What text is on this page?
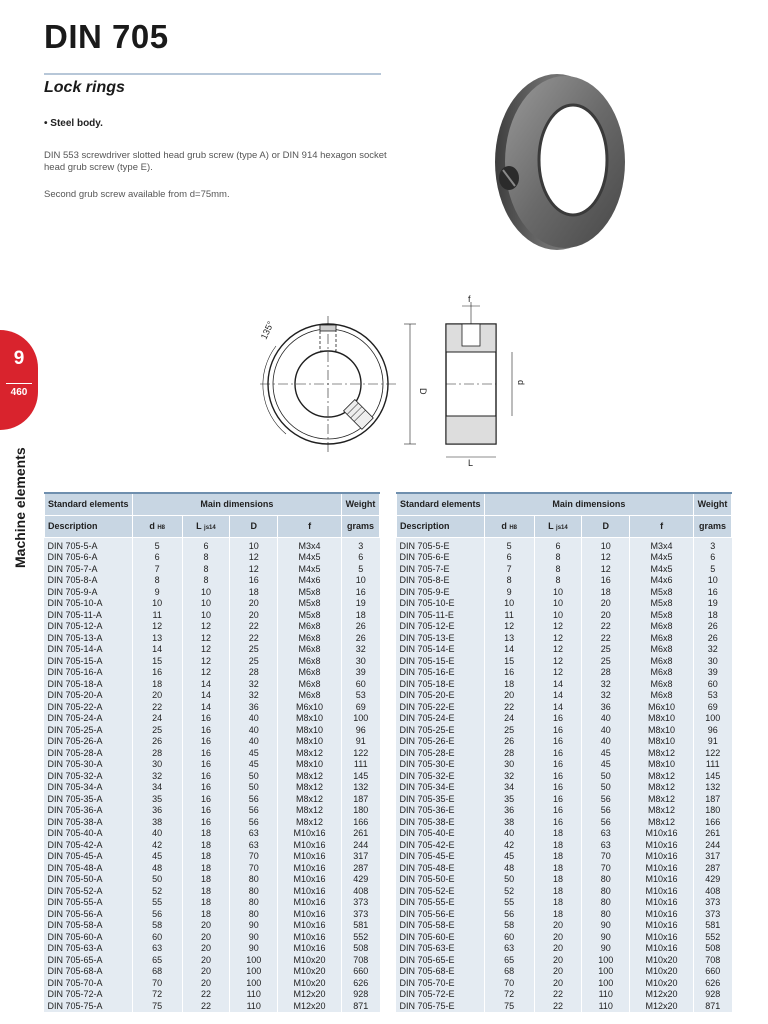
DIN 705
Lock rings
• Steel body.
DIN 553 screwdriver slotted head grub screw (type A) or DIN 914 hexagon socket head grub screw (type E).
Second grub screw available from d=75mm.
135°
D
f
d
L
9
460
Machine elements Standard elements	Main dimensions				Weight
Description	d H8	L js14	D	f	grams
DIN 705-5-A	5	6	10	M3x4	3
DIN 705-6-A	6	8	12	M4x5	6
DIN 705-7-A	7	8	12	M4x5	5
DIN 705-8-A	8	8	16	M4x6	10
DIN 705-9-A	9	10	18	M5x8	16
DIN 705-10-A	10	10	20	M5x8	19
DIN 705-11-A	11	10	20	M5x8	18
DIN 705-12-A	12	12	22	M6x8	26
DIN 705-13-A	13	12	22	M6x8	26
DIN 705-14-A	14	12	25	M6x8	32
DIN 705-15-A	15	12	25	M6x8	30
DIN 705-16-A	16	12	28	M6x8	39
DIN 705-18-A	18	14	32	M6x8	60
DIN 705-20-A	20	14	32	M6x8	53
DIN 705-22-A	22	14	36	M6x10	69
DIN 705-24-A	24	16	40	M8x10	100
DIN 705-25-A	25	16	40	M8x10	96
DIN 705-26-A	26	16	40	M8x10	91
DIN 705-28-A	28	16	45	M8x12	122
DIN 705-30-A	30	16	45	M8x10	111
DIN 705-32-A	32	16	50	M8x12	145
DIN 705-34-A	34	16	50	M8x12	132
DIN 705-35-A	35	16	56	M8x12	187
DIN 705-36-A	36	16	56	M8x12	180
DIN 705-38-A	38	16	56	M8x12	166
DIN 705-40-A	40	18	63	M10x16	261
DIN 705-42-A	42	18	63	M10x16	244
DIN 705-45-A	45	18	70	M10x16	317
DIN 705-48-A	48	18	70	M10x16	287
DIN 705-50-A	50	18	80	M10x16	429
DIN 705-52-A	52	18	80	M10x16	408
DIN 705-55-A	55	18	80	M10x16	373
DIN 705-56-A	56	18	80	M10x16	373
DIN 705-58-A	58	20	90	M10x16	581
DIN 705-60-A	60	20	90	M10x16	552
DIN 705-63-A	63	20	90	M10x16	508
DIN 705-65-A	65	20	100	M10x20	708
DIN 705-68-A	68	20	100	M10x20	660
DIN 705-70-A	70	20	100	M10x20	626
DIN 705-72-A	72	22	110	M12x20	928
DIN 705-75-A	75	22	110	M12x20	871
Standard elements	Main dimensions				Weight
Description	d H8	L js14	D	f	grams
DIN 705-5-E	5	6	10	M3x4	3
DIN 705-6-E	6	8	12	M4x5	6
DIN 705-7-E	7	8	12	M4x5	5
DIN 705-8-E	8	8	16	M4x6	10
DIN 705-9-E	9	10	18	M5x8	16
DIN 705-10-E	10	10	20	M5x8	19
DIN 705-11-E	11	10	20	M5x8	18
DIN 705-12-E	12	12	22	M6x8	26
DIN 705-13-E	13	12	22	M6x8	26
DIN 705-14-E	14	12	25	M6x8	32
DIN 705-15-E	15	12	25	M6x8	30
DIN 705-16-E	16	12	28	M6x8	39
DIN 705-18-E	18	14	32	M6x8	60
DIN 705-20-E	20	14	32	M6x8	53
DIN 705-22-E	22	14	36	M6x10	69
DIN 705-24-E	24	16	40	M8x10	100
DIN 705-25-E	25	16	40	M8x10	96
DIN 705-26-E	26	16	40	M8x10	91
DIN 705-28-E	28	16	45	M8x12	122
DIN 705-30-E	30	16	45	M8x10	111
DIN 705-32-E	32	16	50	M8x12	145
DIN 705-34-E	34	16	50	M8x12	132
DIN 705-35-E	35	16	56	M8x12	187
DIN 705-36-E	36	16	56	M8x12	180
DIN 705-38-E	38	16	56	M8x12	166
DIN 705-40-E	40	18	63	M10x16	261
DIN 705-42-E	42	18	63	M10x16	244
DIN 705-45-E	45	18	70	M10x16	317
DIN 705-48-E	48	18	70	M10x16	287
DIN 705-50-E	50	18	80	M10x16	429
DIN 705-52-E	52	18	80	M10x16	408
DIN 705-55-E	55	18	80	M10x16	373
DIN 705-56-E	56	18	80	M10x16	373
DIN 705-58-E	58	20	90	M10x16	581
DIN 705-60-E	60	20	90	M10x16	552
DIN 705-63-E	63	20	90	M10x16	508
DIN 705-65-E	65	20	100	M10x20	708
DIN 705-68-E	68	20	100	M10x20	660
DIN 705-70-E	70	20	100	M10x20	626
DIN 705-72-E	72	22	110	M12x20	928
DIN 705-75-E	75	22	110	M12x20	871
